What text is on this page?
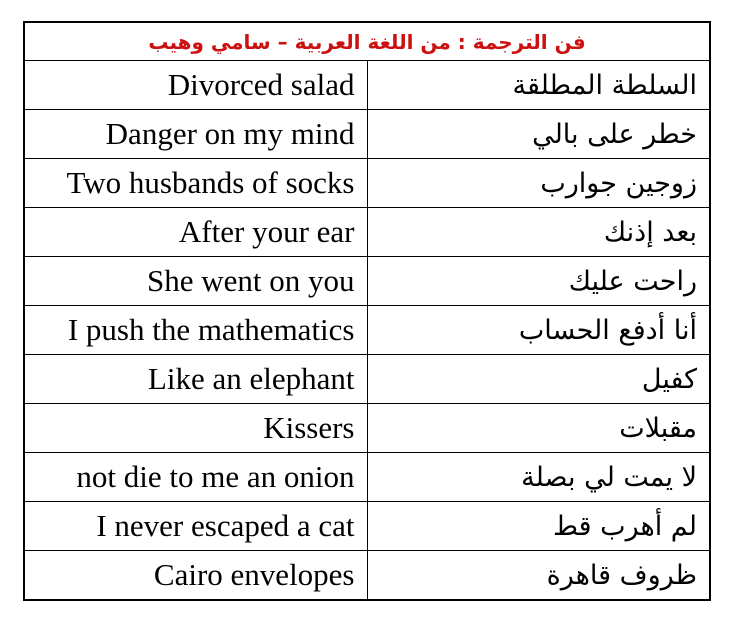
فن الترجمة : من اللغة العربية – سامي وهيب	
Divorced salad	السلطة المطلقة
Danger on my mind	خطر على بالي
Two husbands of socks	زوجين جوارب
After your ear	بعد إذنك
She went on you	راحت عليك
I push the mathematics	أنا أدفع الحساب
Like an elephant	كفيل
Kissers	مقبلات
not die to me an onion	لا يمت لي بصلة
I never escaped a cat	لم أهرب قط
Cairo envelopes	ظروف قاهرة
